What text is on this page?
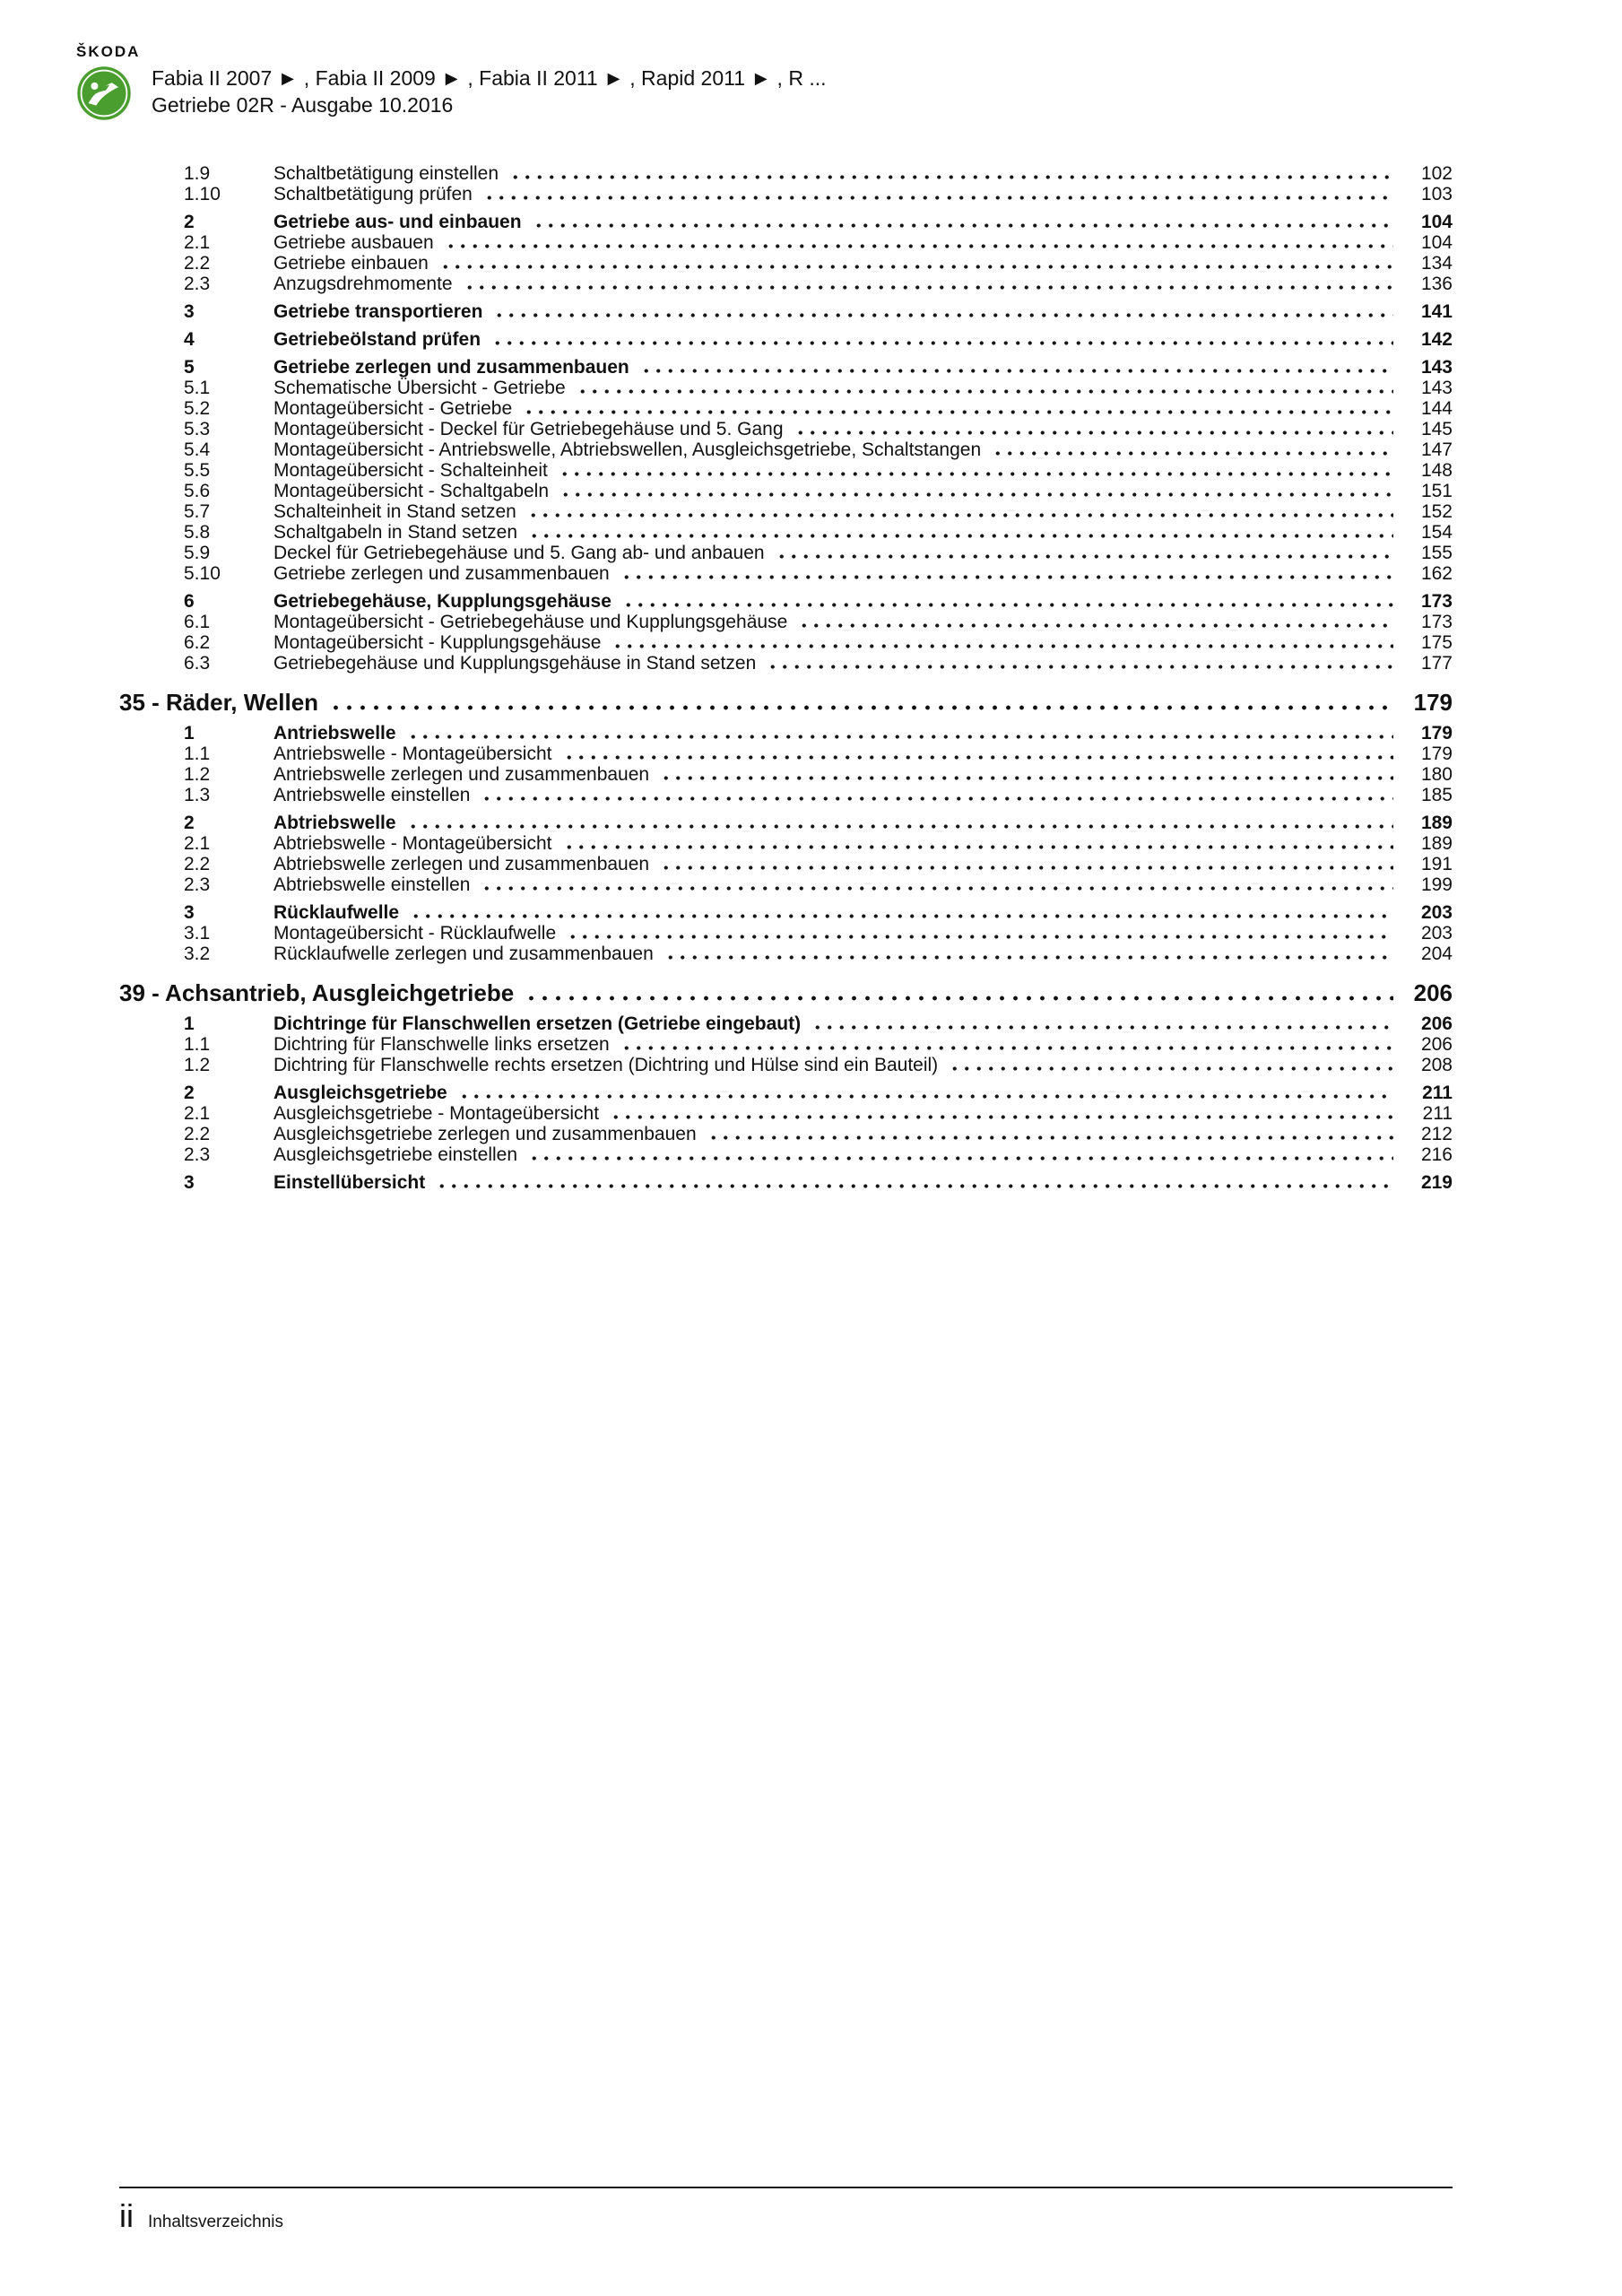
ŠKODA
Fabia II 2007 ► , Fabia II 2009 ► , Fabia II 2011 ► , Rapid 2011 ► , R ...
Getriebe 02R - Ausgabe 10.2016
1.9	Schaltbetätigung einstellen	102
1.10	Schaltbetätigung prüfen	103
2	Getriebe aus- und einbauen	104
2.1	Getriebe ausbauen	104
2.2	Getriebe einbauen	134
2.3	Anzugsdrehmomente	136
3	Getriebe transportieren	141
4	Getriebeölstand prüfen	142
5	Getriebe zerlegen und zusammenbauen	143
5.1	Schematische Übersicht - Getriebe	143
5.2	Montageübersicht - Getriebe	144
5.3	Montageübersicht - Deckel für Getriebegehäuse und 5. Gang	145
5.4	Montageübersicht - Antriebswelle, Abtriebswellen, Ausgleichsgetriebe, Schaltstangen	147
5.5	Montageübersicht - Schalteinheit	148
5.6	Montageübersicht - Schaltgabeln	151
5.7	Schalteinheit in Stand setzen	152
5.8	Schaltgabeln in Stand setzen	154
5.9	Deckel für Getriebegehäuse und 5. Gang ab- und anbauen	155
5.10	Getriebe zerlegen und zusammenbauen	162
6	Getriebegehäuse, Kupplungsgehäuse	173
6.1	Montageübersicht - Getriebegehäuse und Kupplungsgehäuse	173
6.2	Montageübersicht - Kupplungsgehäuse	175
6.3	Getriebegehäuse und Kupplungsgehäuse in Stand setzen	177
35 - Räder, Wellen	179
1	Antriebswelle	179
1.1	Antriebswelle - Montageübersicht	179
1.2	Antriebswelle zerlegen und zusammenbauen	180
1.3	Antriebswelle einstellen	185
2	Abtriebswelle	189
2.1	Abtriebswelle - Montageübersicht	189
2.2	Abtriebswelle zerlegen und zusammenbauen	191
2.3	Abtriebswelle einstellen	199
3	Rücklaufwelle	203
3.1	Montageübersicht - Rücklaufwelle	203
3.2	Rücklaufwelle zerlegen und zusammenbauen	204
39 - Achsantrieb, Ausgleichgetriebe	206
1	Dichtringe für Flanschwellen ersetzen (Getriebe eingebaut)	206
1.1	Dichtring für Flanschwelle links ersetzen	206
1.2	Dichtring für Flanschwelle rechts ersetzen (Dichtring und Hülse sind ein Bauteil)	208
2	Ausgleichsgetriebe	211
2.1	Ausgleichsgetriebe - Montageübersicht	211
2.2	Ausgleichsgetriebe zerlegen und zusammenbauen	212
2.3	Ausgleichsgetriebe einstellen	216
3	Einstellübersicht	219
ii Inhaltsverzeichnis
